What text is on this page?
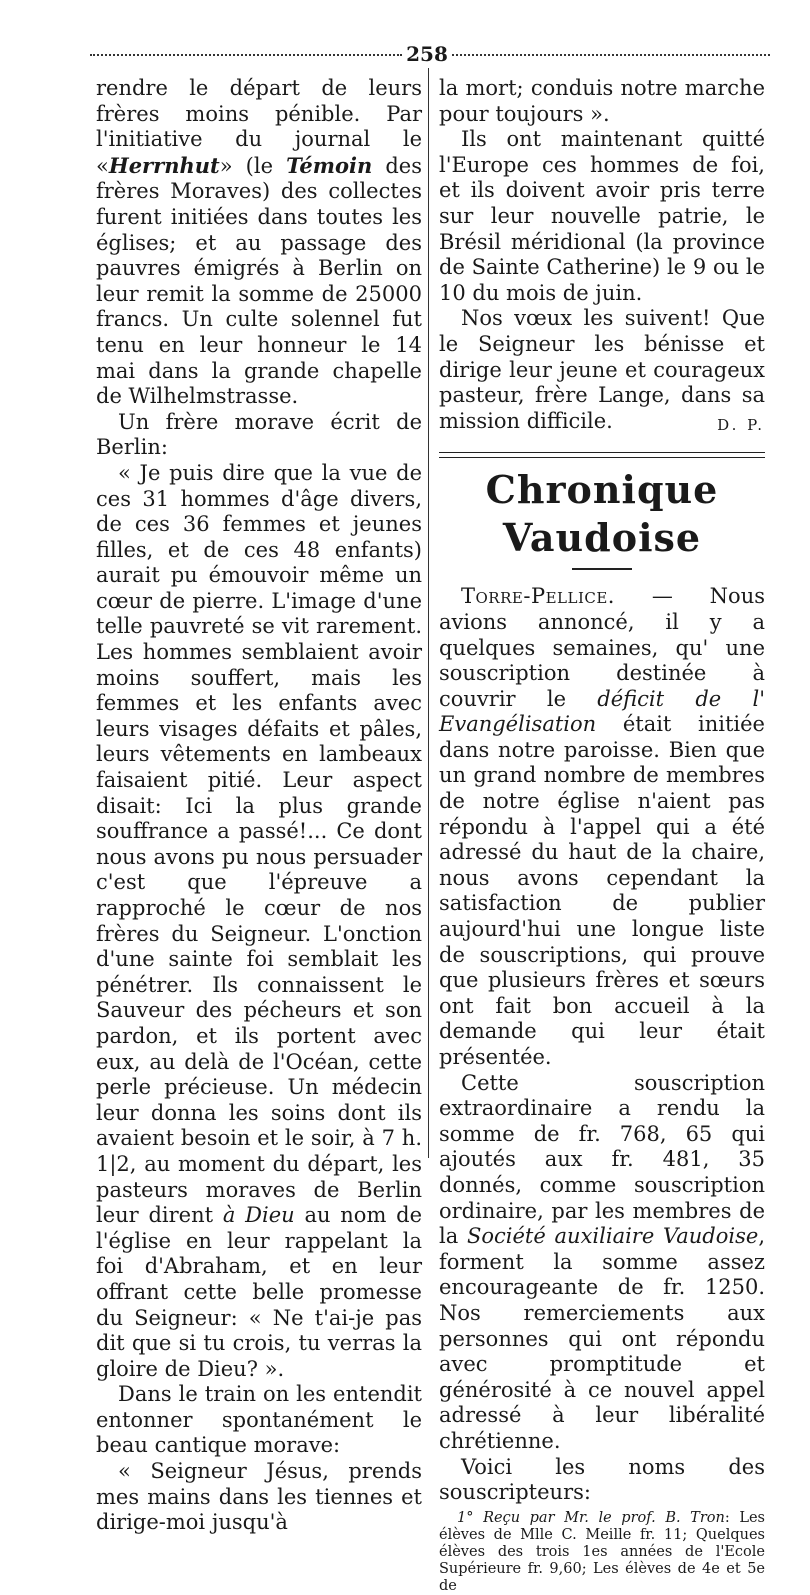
258

rendre le départ de leurs frères moins pénible. Par l'initiative du journal le «Herrnhut» (le Témoin des frères Moraves) des collectes furent initiées dans toutes les églises; et au passage des pauvres émigrés à Berlin on leur remit la somme de 25000 francs. Un culte solennel fut tenu en leur honneur le 14 mai dans la grande chapelle de Wilhelmstrasse.

Un frère morave écrit de Berlin:

« Je puis dire que la vue de ces 31 hommes d'âge divers, de ces 36 femmes et jeunes filles, et de ces 48 enfants) aurait pu émouvoir même un cœur de pierre. L'image d'une telle pauvreté se vit rarement. Les hommes semblaient avoir moins souffert, mais les femmes et les enfants avec leurs visages défaits et pâles, leurs vêtements en lambeaux faisaient pitié. Leur aspect disait: Ici la plus grande souffrance a passé!... Ce dont nous avons pu nous persuader c'est que l'épreuve a rapproché le cœur de nos frères du Seigneur. L'onction d'une sainte foi semblait les pénétrer. Ils connaissent le Sauveur des pécheurs et son pardon, et ils portent avec eux, au delà de l'Océan, cette perle précieuse. Un médecin leur donna les soins dont ils avaient besoin et le soir, à 7 h. 1|2, au moment du départ, les pasteurs moraves de Berlin leur dirent à Dieu au nom de l'église en leur rappelant la foi d'Abraham, et en leur offrant cette belle promesse du Seigneur: « Ne t'ai-je pas dit que si tu crois, tu verras la gloire de Dieu? ».

Dans le train on les entendit entonner spontanément le beau cantique morave:

« Seigneur Jésus, prends mes mains dans les tiennes et dirige-moi jusqu'à

la mort; conduis notre marche pour toujours ».

Ils ont maintenant quitté l'Europe ces hommes de foi, et ils doivent avoir pris terre sur leur nouvelle patrie, le Brésil méridional (la province de Sainte Catherine) le 9 ou le 10 du mois de juin.

Nos vœux les suivent! Que le Seigneur les bénisse et dirige leur jeune et courageux pasteur, frère Lange, dans sa mission difficile.	D. P.

Chronique Vaudoise

Torre-Pellice. — Nous avions annoncé, il y a quelques semaines, qu' une souscription destinée à couvrir le déficit de l' Evangélisation était initiée dans notre paroisse. Bien que un grand nombre de membres de notre église n'aient pas répondu à l'appel qui a été adressé du haut de la chaire, nous avons cependant la satisfaction de publier aujourd'hui une longue liste de souscriptions, qui prouve que plusieurs frères et sœurs ont fait bon accueil à la demande qui leur était présentée.

Cette souscription extraordinaire a rendu la somme de fr. 768, 65 qui ajoutés aux fr. 481, 35 donnés, comme souscription ordinaire, par les membres de la Société auxiliaire Vaudoise, forment la somme assez encourageante de fr. 1250. Nos remerciements aux personnes qui ont répondu avec promptitude et générosité à ce nouvel appel adressé à leur libéralité chrétienne.

Voici les noms des souscripteurs:

1° Reçu par Mr. le prof. B. Tron: Les élèves de Mlle C. Meille fr. 11; Quelques élèves des trois 1es années de l'Ecole Supérieure fr. 9,60; Les élèves de 4e et 5e de
